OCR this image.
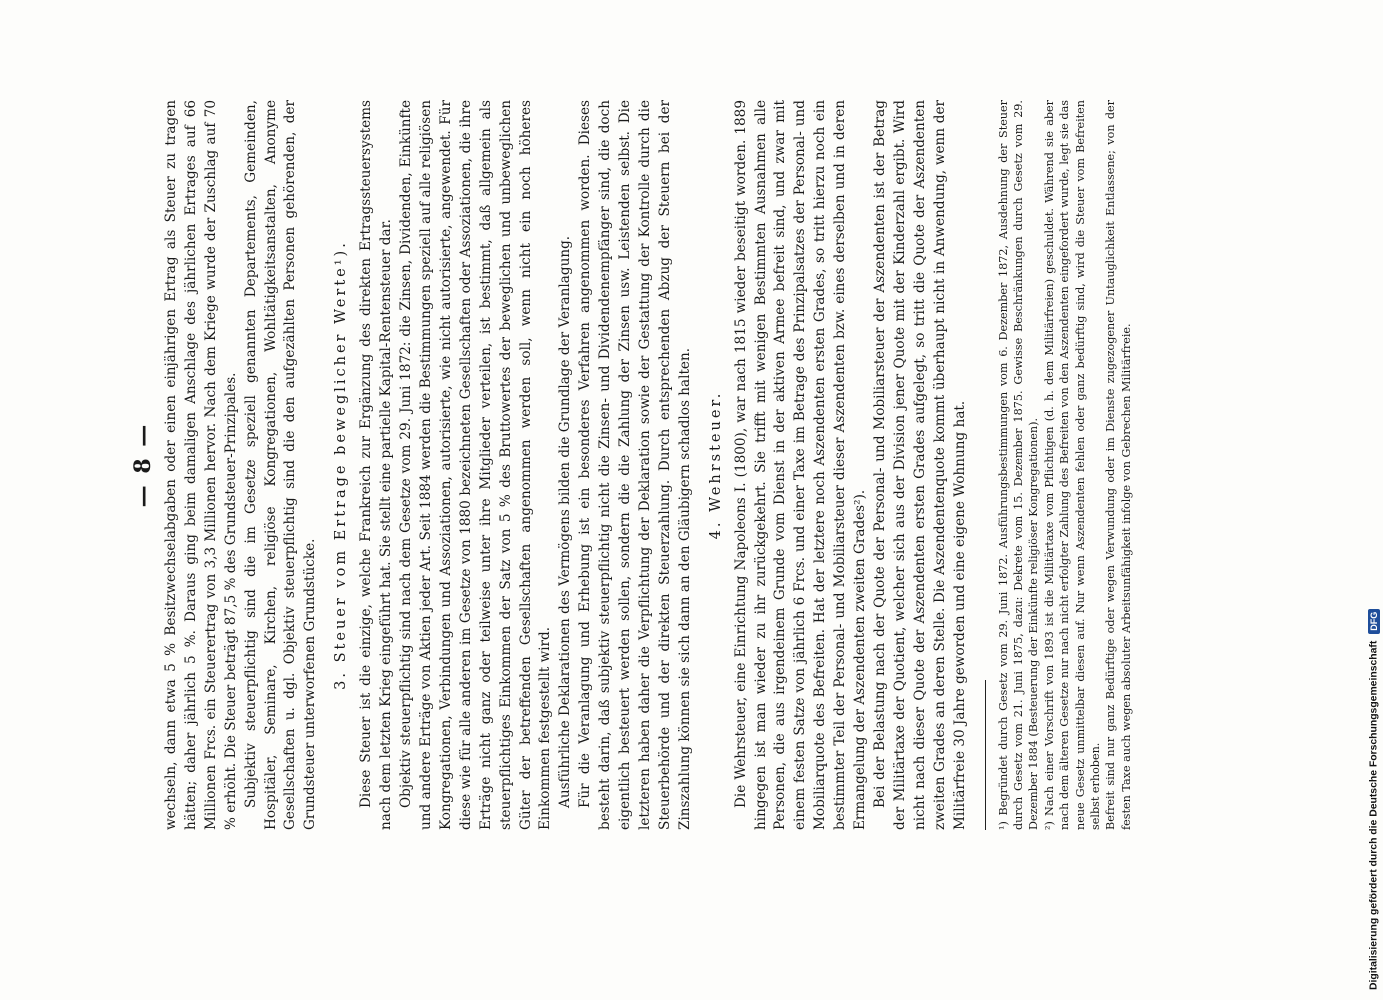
— 8 — wechseln, dann etwa 5 % Besitzwechselabgaben oder einen einjährigen Ertrag als Steuer zu tragen hätten; daher jährlich 5 %. Daraus ging beim damaligen Anschlage des jährlichen Ertrages auf 66 Millionen Frcs. ein Steuerertrag von 3,3 Millionen hervor. Nach dem Kriege wurde der Zuschlag auf 70 % erhöht. Die Steuer beträgt 87,5 % des Grundsteuer-Prinzipales. Subjektiv steuerpflichtig sind die im Gesetze speziell genannten Departements, Gemeinden, Hospitäler, Seminare, Kirchen, religiöse Kongregationen, Wohltätigkeitsanstalten, Anonyme Gesellschaften u. dgl. Objektiv steuerpflichtig sind die den aufgezählten Personen gehörenden, der Grundsteuer unterworfenen Grundstücke. 3. Steuer vom Ertrage beweglicher Werte¹). Diese Steuer ist die einzige, welche Frankreich zur Ergänzung des direkten Ertragssteuersystems nach dem letzten Krieg eingeführt hat. Sie stellt eine partielle Kapital-Rentensteuer dar. Objektiv steuerpflichtig sind nach dem Gesetze vom 29. Juni 1872: die Zinsen, Dividenden, Einkünfte und andere Erträge von Aktien jeder Art. Seit 1884 werden die Bestimmungen speziell auf alle religiösen Kongregationen, Verbindungen und Assoziationen, autorisierte, wie nicht autorisierte, angewendet. Für diese wie für alle anderen im Gesetze von 1880 bezeichneten Gesellschaften oder Assoziationen, die ihre Erträge nicht ganz oder teilweise unter ihre Mitglieder verteilen, ist bestimmt, daß allgemein als steuerpflichtiges Einkommen der Satz von 5 % des Bruttowertes der beweglichen und unbeweglichen Güter der betreffenden Gesellschaften angenommen werden soll, wenn nicht ein noch höheres Einkommen festgestellt wird. Ausführliche Deklarationen des Vermögens bilden die Grundlage der Veranlagung. Für die Veranlagung und Erhebung ist ein besonderes Verfahren angenommen worden. Dieses besteht darin, daß subjektiv steuerpflichtig nicht die Zinsen- und Dividendenempfänger sind, die doch eigentlich besteuert werden sollen, sondern die die Zahlung der Zinsen usw. Leistenden selbst. Die letzteren haben daher die Verpflichtung der Deklaration sowie der Gestattung der Kontrolle durch die Steuerbehörde und der direkten Steuerzahlung. Durch entsprechenden Abzug der Steuern bei der Zinszahlung können sie sich dann an den Gläubigern schadlos halten. 4. Wehrsteuer. Die Wehrsteuer, eine Einrichtung Napoleons I. (1800), war nach 1815 wieder beseitigt worden. 1889 hingegen ist man wieder zu ihr zurückgekehrt. Sie trifft mit wenigen Bestimmten Ausnahmen alle Personen, die aus irgendeinem Grunde vom Dienst in der aktiven Armee befreit sind, und zwar mit einem festen Satze von jährlich 6 Frcs. und einer Taxe im Betrage des Prinzipalsatzes der Personal- und Mobiliarquote des Befreiten. Hat der letztere noch Aszendenten ersten Grades, so tritt hierzu noch ein bestimmter Teil der Personal- und Mobiliarsteuer dieser Aszendenten bzw. eines derselben und in deren Ermangelung der Aszendenten zweiten Grades²). Bei der Belastung nach der Quote der Personal- und Mobiliarsteuer der Aszendenten ist der Betrag der Militärtaxe der Quotient, welcher sich aus der Division jener Quote mit der Kinderzahl ergibt. Wird nicht nach dieser Quote der Aszendenten ersten Grades aufgelegt, so tritt die Quote der Aszendenten zweiten Grades an deren Stelle. Die Aszendentenquote kommt überhaupt nicht in Anwendung, wenn der Militärfreie 30 Jahre geworden und eine eigene Wohnung hat.	¹) Begründet durch Gesetz vom 29. Juni 1872. Ausführungsbestimmungen vom 6. Dezember 1872, Ausdehnung der Steuer durch Gesetz vom 21. Juni 1875, dazu: Dekrete vom 15. Dezember 1875. Gewisse Beschränkungen durch Gesetz vom 29. Dezember 1884 (Besteuerung der Einkünfte religiöser Kongregationen). ²) Nach einer Vorschrift von 1893 ist die Militärtaxe vom Pflichtigen (d. h. dem Militärfreien) geschuldet. Während sie aber nach dem älteren Gesetze nur nach nicht erfolgter Zahlung des Befreiten von den Aszendenten eingefordert wurde, legt sie das neue Gesetz unmittelbar diesen auf. Nur wenn Aszendenten fehlen oder ganz bedürftig sind, wird die Steuer vom Befreiten selbst erhoben. Befreit sind nur ganz Bedürftige oder wegen Verwundung oder im Dienste zugezogener Untauglichkeit Entlassene; von der festen Taxe auch wegen absoluter Arbeitsunfähigkeit infolge von Gebrechen Militärfreie.	Digitalisierung gefördert durch die Deutsche Forschungsgemeinschaft DFG
